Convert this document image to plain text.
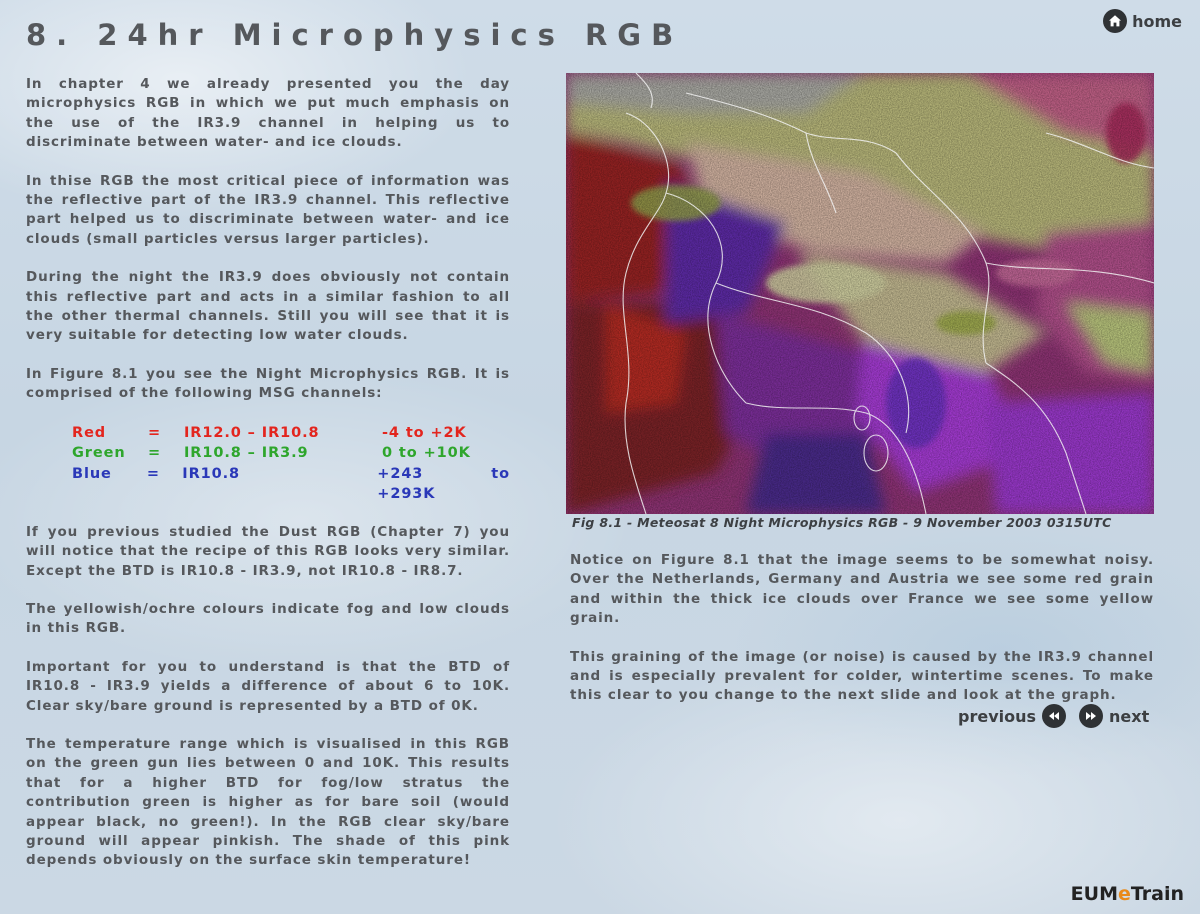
8. 24hr Microphysics RGB	home

In chapter 4 we already presented you the day microphysics RGB in which we put much emphasis on the use of the IR3.9 channel in helping us to discriminate between water- and ice clouds.

In thise RGB the most critical piece of information was the reflective part of the IR3.9 channel. This reflective part helped us to discriminate between water- and ice clouds (small particles versus larger particles).

During the night the IR3.9 does obviously not contain this reflective part and acts in a similar fashion to all the other thermal channels. Still you will see that it is very suitable for detecting low water clouds.

In Figure 8.1 you see the Night Microphysics RGB. It is comprised of the following MSG channels:

Red	=	IR12.0 – IR10.8	-4 to +2K
Green	=	IR10.8 – IR3.9	0 to +10K
Blue	=	IR10.8	+243 to +293K

If you previous studied the Dust RGB (Chapter 7) you will notice that the recipe of this RGB looks very similar. Except the BTD is IR10.8 - IR3.9, not IR10.8 - IR8.7.

The yellowish/ochre colours indicate fog and low clouds in this RGB.

Important for you to understand is that the BTD of IR10.8 - IR3.9 yields a difference of about 6 to 10K. Clear sky/bare ground is represented by a BTD of 0K.

The temperature range which is visualised in this RGB on the green gun lies between 0 and 10K. This results that for a higher BTD for fog/low stratus the contribution green is higher as for bare soil (would appear black, no green!). In the RGB clear sky/bare ground will appear pinkish. The shade of this pink depends obviously on the surface skin temperature!

Fig 8.1 - Meteosat 8 Night Microphysics RGB - 9 November 2003 0315UTC

Notice on Figure 8.1 that the image seems to be somewhat noisy. Over the Netherlands, Germany and Austria we see some red grain and within the thick ice clouds over France we see some yellow grain.

This graining of the image (or noise) is caused by the IR3.9 channel and is especially prevalent for colder, wintertime scenes. To make this clear to you change to the next slide and look at the graph.

previous	next

EUMeTrain
